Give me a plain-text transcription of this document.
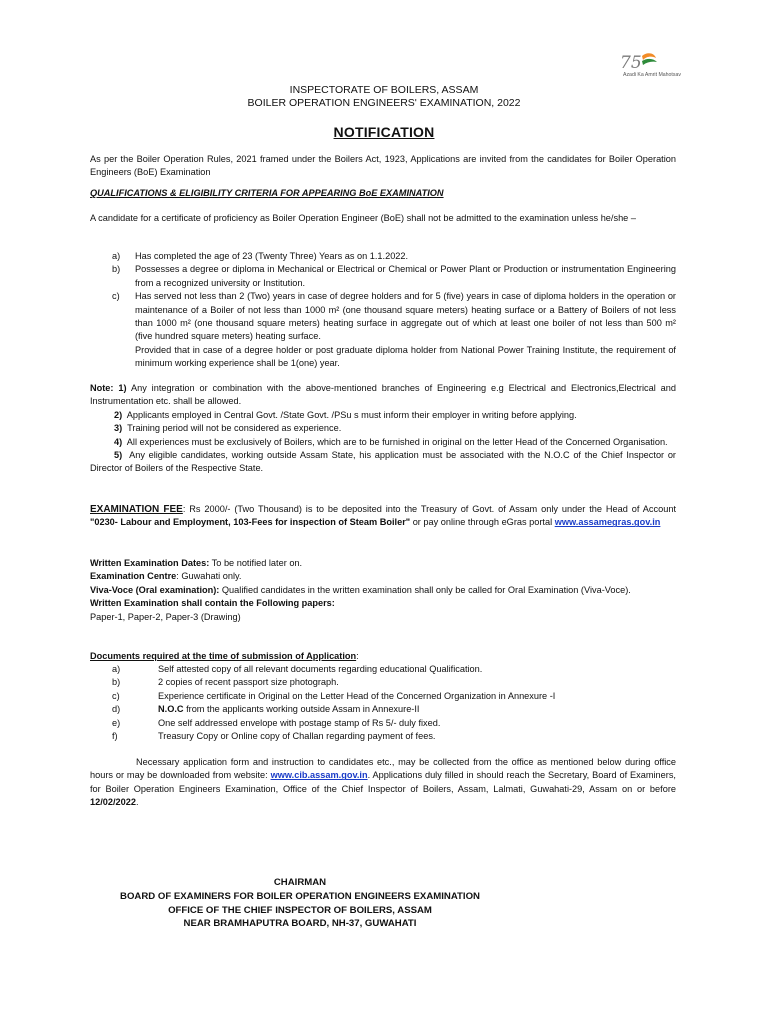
75
Azadi Ka Amrit Mahotsav
INSPECTORATE OF BOILERS, ASSAM
BOILER OPERATION ENGINEERS' EXAMINATION, 2022
NOTIFICATION

As per the Boiler Operation Rules, 2021 framed under the Boilers Act, 1923, Applications are invited from the candidates for Boiler Operation Engineers (BoE) Examination

QUALIFICATIONS & ELIGIBILITY CRITERIA FOR APPEARING BoE EXAMINATION

A candidate for a certificate of proficiency as Boiler Operation Engineer (BoE) shall not be admitted to the examination unless he/she –

a)	Has completed the age of 23 (Twenty Three) Years as on 1.1.2022.
b)	Possesses a degree or diploma in Mechanical or Electrical or Chemical or Power Plant or Production or instrumentation Engineering from a recognized university or Institution.
c)	Has served not less than 2 (Two) years in case of degree holders and for 5 (five) years in case of diploma holders in the operation or maintenance of a Boiler of not less than 1000 m² (one thousand square meters) heating surface or a Battery of Boilers of not less than 1000 m² (one thousand square meters) heating surface in aggregate out of which at least one boiler of not less than 500 m² (five hundred square meters) heating surface.
Provided that in case of a degree holder or post graduate diploma holder from National Power Training Institute, the requirement of minimum working experience shall be 1(one) year.

Note: 1) Any integration or combination with the above-mentioned branches of Engineering e.g Electrical and Electronics,Electrical and Instrumentation etc. shall be allowed.

2) Applicants employed in Central Govt. /State Govt. /PSu s must inform their employer in writing before applying.

3) Training period will not be considered as experience.

4) All experiences must be exclusively of Boilers, which are to be furnished in original on the letter Head of the Concerned Organisation.

5) Any eligible candidates, working outside Assam State, his application must be associated with the N.O.C of the Chief Inspector or Director of Boilers of the Respective State.

EXAMINATION FEE: Rs 2000/- (Two Thousand) is to be deposited into the Treasury of Govt. of Assam only under the Head of Account "0230- Labour and Employment, 103-Fees for inspection of Steam Boiler" or pay online through eGras portal www.assamegras.gov.in

Written Examination Dates: To be notified later on.

Examination Centre: Guwahati only.

Viva-Voce (Oral examination): Qualified candidates in the written examination shall only be called for Oral Examination (Viva-Voce).

Written Examination shall contain the Following papers:

Paper-1, Paper-2, Paper-3 (Drawing)

Documents required at the time of submission of Application:

a)	Self attested copy of all relevant documents regarding educational Qualification.
b)	2 copies of recent passport size photograph.
c)	Experience certificate in Original on the Letter Head of the Concerned Organization in Annexure -I
d)	N.O.C from the applicants working outside Assam in Annexure-II
e)	One self addressed envelope with postage stamp of Rs 5/- duly fixed.
f)	Treasury Copy or Online copy of Challan regarding payment of fees.

Necessary application form and instruction to candidates etc., may be collected from the office as mentioned below during office hours or may be downloaded from website: www.cib.assam.gov.in. Applications duly filled in should reach the Secretary, Board of Examiners, for Boiler Operation Engineers Examination, Office of the Chief Inspector of Boilers, Assam, Lalmati, Guwahati-29, Assam on or before 12/02/2022.

CHAIRMAN
BOARD OF EXAMINERS FOR BOILER OPERATION ENGINEERS EXAMINATION
OFFICE OF THE CHIEF INSPECTOR OF BOILERS, ASSAM
NEAR BRAMHAPUTRA BOARD, NH-37, GUWAHATI
